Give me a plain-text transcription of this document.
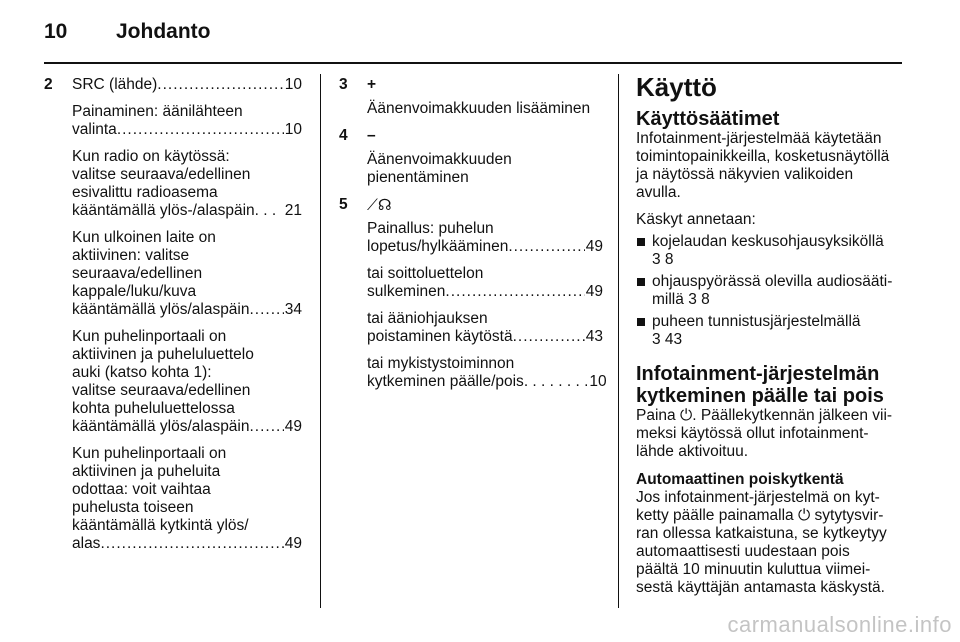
10 Johdanto
2 SRC (lähde) .....	10
Painaminen: äänilähteen
valinta .....	10
Kun radio on käytössä:
valitse seuraava/edellinen
esivalittu radioasema
kääntämällä ylös-/alaspäin . . . 21
Kun ulkoinen laite on
aktiivinen: valitse
seuraava/edellinen
kappale/luku/kuva
kääntämällä ylös/alaspäin ..... 34
Kun puhelinportaali on
aktiivinen ja puheluluettelo
auki (katso kohta 1):
valitse seuraava/edellinen
kohta puheluluettelossa
kääntämällä ylös/alaspäin ..... 49
Kun puhelinportaali on
aktiivinen ja puheluita
odottaa: voit vaihtaa
puhelusta toiseen
kääntämällä kytkintä ylös/
alas .....	49
3 +
Äänenvoimakkuuden lisääminen
4 –
Äänenvoimakkuuden
pienentäminen
5 ⟋☊
Painallus: puhelun
lopetus/hylkääminen .....	49
tai soittoluettelon
sulkeminen .....	49
tai ääniohjauksen
poistaminen käytöstä .....	43
tai mykistystoiminnon
kytkeminen päälle/pois . . . . . . . . 10
Käyttö
Käyttösäätimet
Infotainment-järjestelmää käytetään
toimintopainikkeilla, kosketusnäytöllä
ja näytössä näkyvien valikoiden
avulla.
Käskyt annetaan:
kojelaudan keskusohjausyksiköllä
3 8
ohjauspyörässä olevilla audiosääti-
millä 3 8
puheen tunnistusjärjestelmällä
3 43
Infotainment-järjestelmän
kytkeminen päälle tai pois
Paina ⏻. Päällekytkennän jälkeen vii-
meksi käytössä ollut infotainment-
lähde aktivoituu.
Automaattinen poiskytkentä
Jos infotainment-järjestelmä on kyt-
ketty päälle painamalla ⏻ sytytysvir-
ran ollessa katkaistuna, se kytkeytyy
automaattisesti uudestaan pois
päältä 10 minuutin kuluttua viimei-
sestä käyttäjän antamasta käskystä.
carmanualsonline.info
